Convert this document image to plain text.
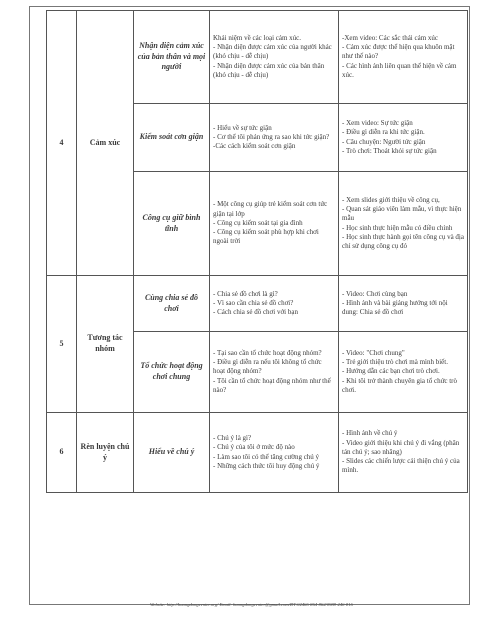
4	Cảm xúc	Nhận diện cảm xúc của bản thân và mọi người	Khái niệm về các loại cảm xúc.
- Nhận diện được cảm xúc của người khác (khó chịu - dễ chịu)
- Nhận diện được cảm xúc của bản thân (khó chịu - dễ chịu)	-Xem video: Các sắc thái cảm xúc
- Cảm xúc được thể hiện qua khuôn mặt như thế nào?
- Các hình ảnh liên quan thể hiện về cảm xúc.
		Kiểm soát cơn giận	- Hiểu về sự tức giận
- Cơ thể tôi phản ứng ra sao khi tức giận?
-Các cách kiểm soát cơn giận	- Xem video: Sự tức giận
- Điều gì diễn ra khi tức giận.
- Câu chuyện: Người tức giận
- Trò chơi: Thoát khỏi sự tức giận
		Công cụ giữ bình tĩnh	- Một công cụ giúp trẻ kiểm soát cơn tức giận tại lớp
- Công cụ kiểm soát tại gia đình
- Công cụ kiểm soát phù hợp khi chơi ngoài trời	- Xem slides giới thiệu về công cụ,
- Quan sát giáo viên làm mẫu, vì thực hiện mẫu
- Học sinh thực hiện mẫu có điều chỉnh
- Học sinh thực hành gọi tên công cụ và địa chỉ sử dụng công cụ đó
5	Tương tác nhóm	Cùng chia sẻ đồ chơi	- Chia sẻ đồ chơi là gì?
- Vì sao cần chia sẻ đồ chơi?
- Cách chia sẻ đồ chơi với bạn	- Video: Chơi cùng bạn
- Hình ảnh và bài giảng hướng tới nội dung: Chia sẻ đồ chơi
		Tổ chức hoạt động chơi chung	- Tại sao cần tổ chức hoạt động nhóm?
- Điều gì diễn ra nếu tôi không tổ chức hoạt động nhóm?
- Tôi cần tổ chức hoạt động nhóm như thế nào?	- Video: "Chơi chung"
- Trẻ giới thiệu trò chơi mà mình biết.
- Hướng dẫn các bạn chơi trò chơi.
- Khi tôi trở thành chuyên gia tổ chức trò chơi.
6	Rèn luyện chú ý	Hiểu về chú ý	- Chú ý là gì?
- Chú ý của tôi ở mức độ nào
- Làm sao tôi có thể tăng cường chú ý
- Những cách thức tôi huy động chú ý	- Hình ảnh về chú ý
- Video giới thiệu khi chú ý đi vắng (phân tán chú ý; sao nhãng)
- Slides các chiến lược cải thiện chú ý của mình.
Website: http://huongdongcenter.org/ Email: huongdongcenter@gmail.com/ĐT:02466-864-862/0988-246-816
